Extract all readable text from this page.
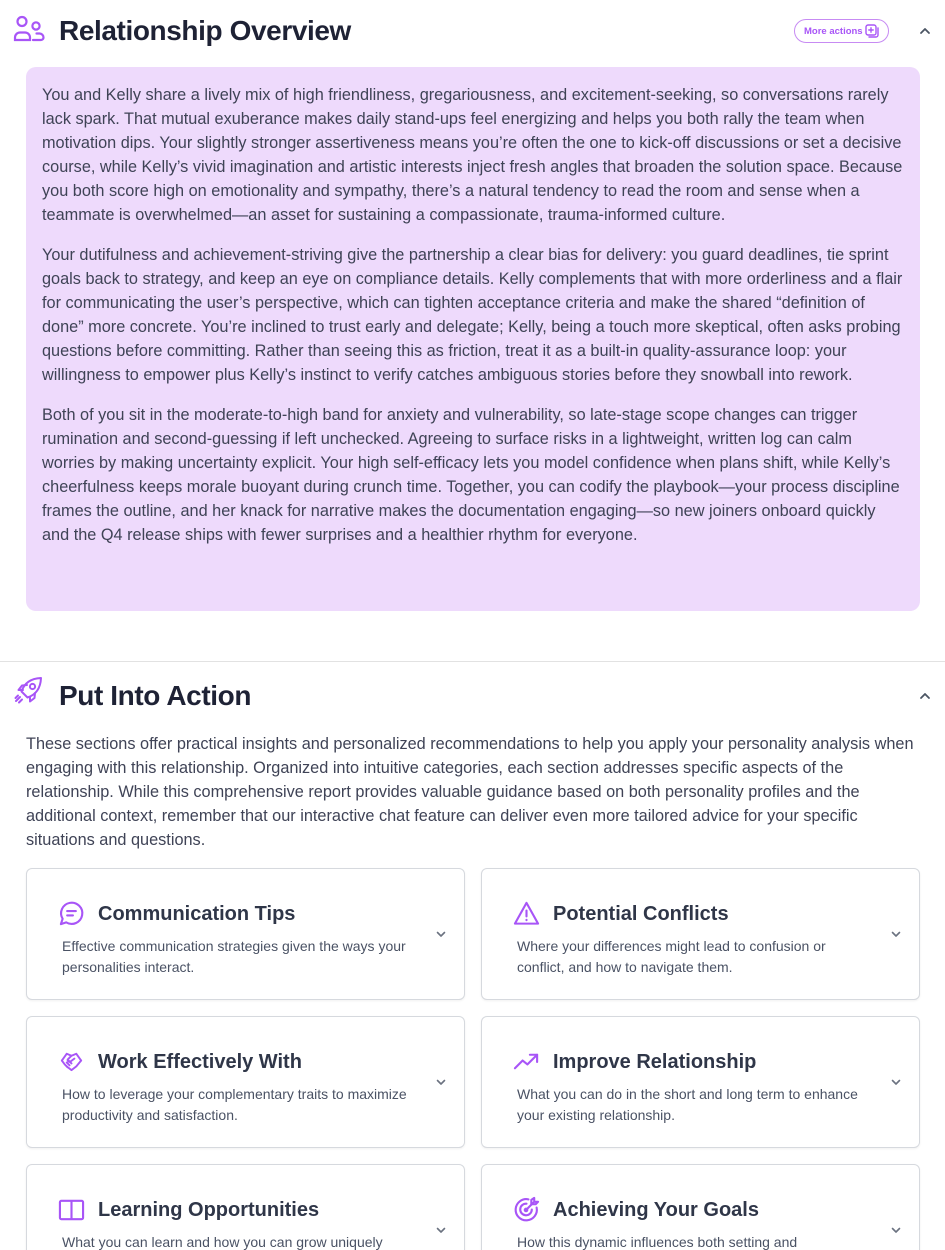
Relationship Overview	More actions

You and Kelly share a lively mix of high friendliness, gregariousness, and excitement-seeking, so conversations rarely lack spark. That mutual exuberance makes daily stand-ups feel energizing and helps you both rally the team when motivation dips. Your slightly stronger assertiveness means you’re often the one to kick-off discussions or set a decisive course, while Kelly’s vivid imagination and artistic interests inject fresh angles that broaden the solution space. Because you both score high on emotionality and sympathy, there’s a natural tendency to read the room and sense when a teammate is overwhelmed—an asset for sustaining a compassionate, trauma-informed culture.

Your dutifulness and achievement-striving give the partnership a clear bias for delivery: you guard deadlines, tie sprint goals back to strategy, and keep an eye on compliance details. Kelly complements that with more orderliness and a flair for communicating the user’s perspective, which can tighten acceptance criteria and make the shared “definition of done” more concrete. You’re inclined to trust early and delegate; Kelly, being a touch more skeptical, often asks probing questions before committing. Rather than seeing this as friction, treat it as a built-in quality-assurance loop: your willingness to empower plus Kelly’s instinct to verify catches ambiguous stories before they snowball into rework.

Both of you sit in the moderate-to-high band for anxiety and vulnerability, so late-stage scope changes can trigger rumination and second-guessing if left unchecked. Agreeing to surface risks in a lightweight, written log can calm worries by making uncertainty explicit. Your high self-efficacy lets you model confidence when plans shift, while Kelly’s cheerfulness keeps morale buoyant during crunch time. Together, you can codify the playbook—your process discipline frames the outline, and her knack for narrative makes the documentation engaging—so new joiners onboard quickly and the Q4 release ships with fewer surprises and a healthier rhythm for everyone.

Put Into Action
These sections offer practical insights and personalized recommendations to help you apply your personality analysis when engaging with this relationship. Organized into intuitive categories, each section addresses specific aspects of the relationship. While this comprehensive report provides valuable guidance based on both personality profiles and the additional context, remember that our interactive chat feature can deliver even more tailored advice for your specific situations and questions.
Communication Tips
Effective communication strategies given the ways your personalities interact.
Potential Conflicts
Where your differences might lead to confusion or conflict, and how to navigate them.
Work Effectively With
How to leverage your complementary traits to maximize productivity and satisfaction.
Improve Relationship
What you can do in the short and long term to enhance your existing relationship.
Learning Opportunities
What you can learn and how you can grow uniquely
Achieving Your Goals
How this dynamic influences both setting and
